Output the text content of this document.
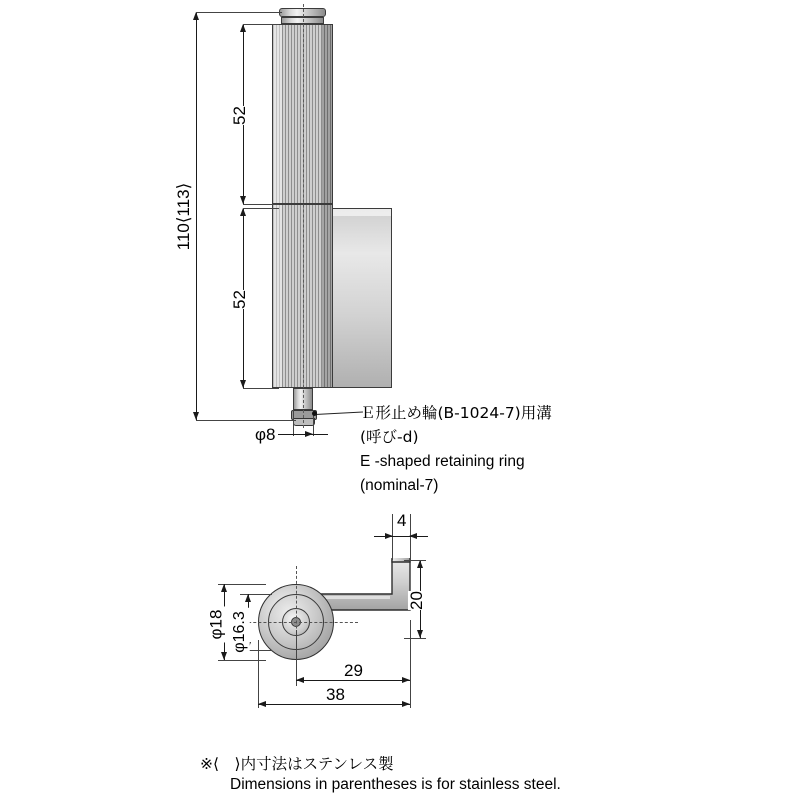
110⟨113⟩
52
52
φ8
Ｅ形止め輪(B-1024-7)用溝
(呼び-d)
E -shaped retaining ring
(nominal-7)
4
20
φ18 φ16.3
29
38
※⟨　⟩内寸法はステンレス製
Dimensions in parentheses is for stainless steel.
